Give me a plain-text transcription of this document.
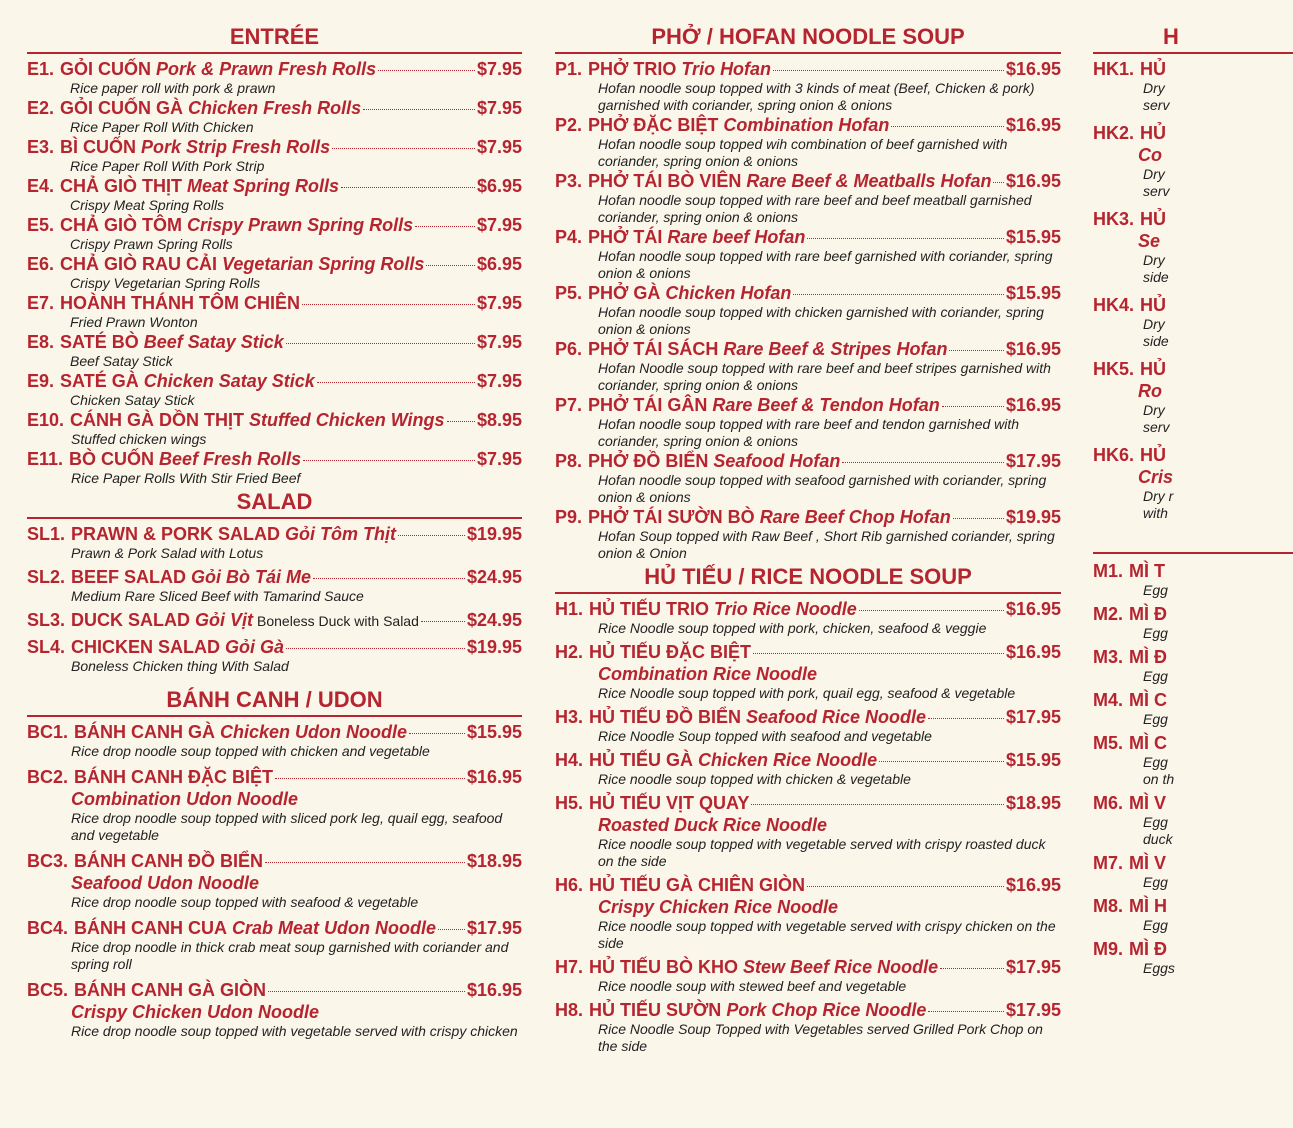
ENTRÉE
E1. GỎI CUỐN Pork & Prawn Fresh Rolls	$7.95
Rice paper roll with pork & prawn
E2. GỎI CUỐN GÀ Chicken Fresh Rolls	$7.95
Rice Paper Roll With Chicken
E3. BÌ CUỐN Pork Strip Fresh Rolls	$7.95
Rice Paper Roll With Pork Strip
E4. CHẢ GIÒ THỊT Meat Spring Rolls	$6.95
Crispy Meat Spring Rolls
E5. CHẢ GIÒ TÔM Crispy Prawn Spring Rolls	$7.95
Crispy Prawn Spring Rolls
E6. CHẢ GIÒ RAU CẢI Vegetarian Spring Rolls	$6.95
Crispy Vegetarian Spring Rolls
E7. HOÀNH THÁNH TÔM CHIÊN	$7.95
Fried Prawn Wonton
E8. SATÉ BÒ Beef Satay Stick	$7.95
Beef Satay Stick
E9. SATÉ GÀ Chicken Satay Stick	$7.95
Chicken Satay Stick
E10. CÁNH GÀ DỒN THỊT Stuffed Chicken Wings $8.95
Stuffed chicken wings
E11. BÒ CUỐN Beef Fresh Rolls	$7.95
Rice Paper Rolls With Stir Fried Beef
SALAD
SL1. PRAWN & PORK SALAD Gỏi Tôm Thịt	$19.95
Prawn & Pork Salad with Lotus
SL2. BEEF SALAD Gỏi Bò Tái Me	$24.95
Medium Rare Sliced Beef with Tamarind Sauce
SL3. DUCK SALAD Gỏi Vịt Boneless Duck with Salad	$24.95
SL4. CHICKEN SALAD Gỏi Gà	$19.95
Boneless Chicken thing With Salad
BÁNH CANH / UDON
BC1. BÁNH CANH GÀ Chicken Udon Noodle	$15.95
Rice drop noodle soup topped with chicken and vegetable
BC2. BÁNH CANH ĐẶC BIỆT	$16.95
Combination Udon Noodle
Rice drop noodle soup topped with sliced pork leg, quail egg, seafood and vegetable
BC3. BÁNH CANH ĐỒ BIỂN	$18.95
Seafood Udon Noodle
Rice drop noodle soup topped with seafood & vegetable
BC4. BÁNH CANH CUA Crab Meat Udon Noodle $17.95
Rice drop noodle in thick crab meat soup garnished with coriander and spring roll
BC5. BÁNH CANH GÀ GIÒN	$16.95
Crispy Chicken Udon Noodle
Rice drop noodle soup topped with vegetable served with crispy chicken
PHỞ / HOFAN NOODLE SOUP
P1. PHỞ TRIO Trio Hofan	$16.95
Hofan noodle soup topped with 3 kinds of meat (Beef, Chicken & pork) garnished with coriander, spring onion & onions
P2. PHỞ ĐẶC BIỆT Combination Hofan	$16.95
Hofan noodle soup topped wih combination of beef garnished with coriander, spring onion & onions
P3. PHỞ TÁI BÒ VIÊN Rare Beef & Meatballs Hofan $16.95
Hofan noodle soup topped with rare beef and beef meatball garnished coriander, spring onion & onions
P4. PHỞ TÁI Rare beef Hofan	$15.95
Hofan noodle soup topped with rare beef garnished with coriander, spring onion & onions
P5. PHỞ GÀ Chicken Hofan	$15.95
Hofan noodle soup topped with chicken garnished with coriander, spring onion & onions
P6. PHỞ TÁI SÁCH Rare Beef & Stripes Hofan	$16.95
Hofan Noodle soup topped with rare beef and beef stripes garnished with coriander, spring onion & onions
P7. PHỞ TÁI GÂN Rare Beef & Tendon Hofan	$16.95
Hofan noodle soup topped with rare beef and tendon garnished with coriander, spring onion & onions
P8. PHỞ ĐỒ BIỂN Seafood Hofan	$17.95
Hofan noodle soup topped with seafood garnished with coriander, spring onion & onions
P9. PHỞ TÁI SƯỜN BÒ Rare Beef Chop Hofan	$19.95
Hofan Soup topped with Raw Beef , Short Rib garnished coriander, spring onion & Onion
HỦ TIẾU / RICE NOODLE SOUP
H1. HỦ TIẾU TRIO Trio Rice Noodle	$16.95
Rice Noodle soup topped with pork, chicken, seafood & veggie
H2. HỦ TIẾU ĐẶC BIỆT	$16.95
Combination Rice Noodle
Rice Noodle soup topped with pork, quail egg, seafood & vegetable
H3. HỦ TIẾU ĐỒ BIỂN Seafood Rice Noodle	$17.95
Rice Noodle Soup topped with seafood and vegetable
H4. HỦ TIẾU GÀ Chicken Rice Noodle	$15.95
Rice noodle soup topped with chicken & vegetable
H5. HỦ TIẾU VỊT QUAY	$18.95
Roasted Duck Rice Noodle
Rice noodle soup topped with vegetable served with crispy roasted duck on the side
H6. HỦ TIẾU GÀ CHIÊN GIÒN	$16.95
Crispy Chicken Rice Noodle
Rice noodle soup topped with vegetable served with crispy chicken on the side
H7. HỦ TIẾU BÒ KHO Stew Beef Rice Noodle	$17.95
Rice noodle soup with stewed beef and vegetable
H8. HỦ TIẾU SƯỜN Pork Chop Rice Noodle	$17.95
Rice Noodle Soup Topped with Vegetables served Grilled Pork Chop on the side
H
HK1. HỦ
Dry
serv
HK2. HỦ
Co
Dry
serv
HK3. HỦ
Se
Dry
side
HK4. HỦ
Dry
side
HK5. HỦ
Ro
Dry
serv
HK6. HỦ
Cris
Dry r
with
M1. MÌ T
Egg
M2. MÌ Đ
Egg
M3. MÌ Đ
Egg
M4. MÌ C
Egg
M5. MÌ C
Egg
on th
M6. MÌ V
Egg
duck
M7. MÌ V
Egg
M8. MÌ H
Egg
M9. MÌ Đ
Eggs
